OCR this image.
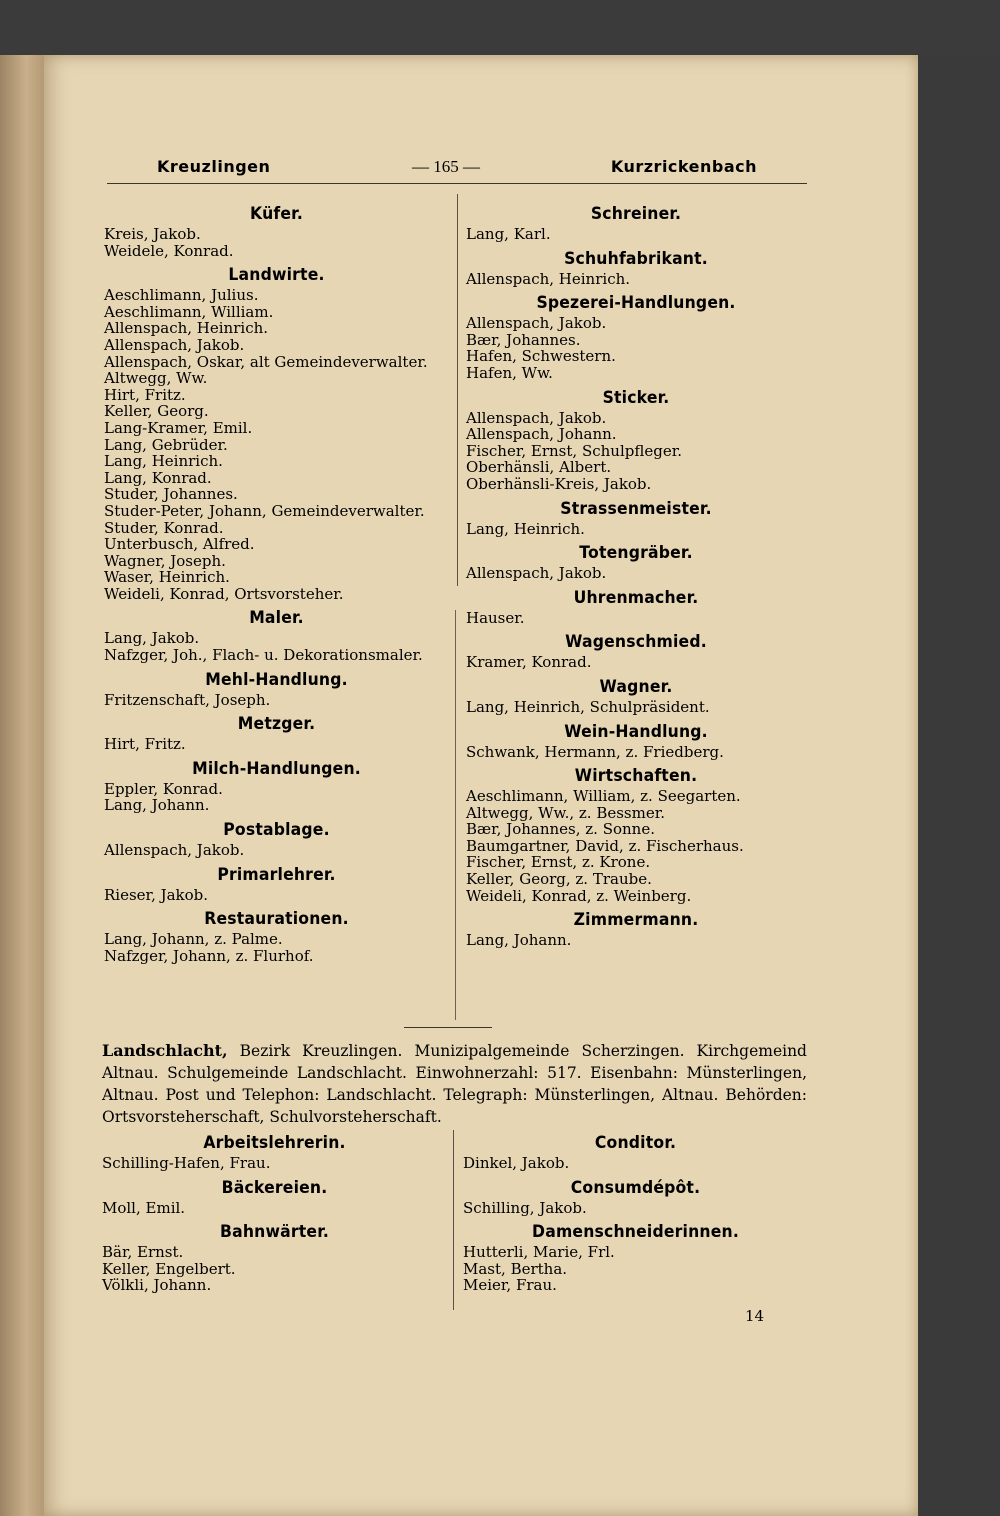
Kreuzlingen	— 165 —	Kurzrickenbach
Küfer.
Kreis, Jakob.
Weidele, Konrad.
Landwirte.
Aeschlimann, Julius.
Aeschlimann, William.
Allenspach, Heinrich.
Allenspach, Jakob.
Allenspach, Oskar, alt Gemeindeverwalter.
Altwegg, Ww.
Hirt, Fritz.
Keller, Georg.
Lang-Kramer, Emil.
Lang, Gebrüder.
Lang, Heinrich.
Lang, Konrad.
Studer, Johannes.
Studer-Peter, Johann, Gemeindeverwalter.
Studer, Konrad.
Unterbusch, Alfred.
Wagner, Joseph.
Waser, Heinrich.
Weideli, Konrad, Ortsvorsteher.
Maler.
Lang, Jakob.
Nafzger, Joh., Flach- u. Dekorationsmaler.
Mehl-Handlung.
Fritzenschaft, Joseph.
Metzger.
Hirt, Fritz.
Milch-Handlungen.
Eppler, Konrad.
Lang, Johann.
Postablage.
Allenspach, Jakob.
Primarlehrer.
Rieser, Jakob.
Restaurationen.
Lang, Johann, z. Palme.
Nafzger, Johann, z. Flurhof.
Schreiner.
Lang, Karl.
Schuhfabrikant.
Allenspach, Heinrich.
Spezerei-Handlungen.
Allenspach, Jakob.
Bær, Johannes.
Hafen, Schwestern.
Hafen, Ww.
Sticker.
Allenspach, Jakob.
Allenspach, Johann.
Fischer, Ernst, Schulpfleger.
Oberhänsli, Albert.
Oberhänsli-Kreis, Jakob.
Strassenmeister.
Lang, Heinrich.
Totengräber.
Allenspach, Jakob.
Uhrenmacher.
Hauser.
Wagenschmied.
Kramer, Konrad.
Wagner.
Lang, Heinrich, Schulpräsident.
Wein-Handlung.
Schwank, Hermann, z. Friedberg.
Wirtschaften.
Aeschlimann, William, z. Seegarten.
Altwegg, Ww., z. Bessmer.
Bær, Johannes, z. Sonne.
Baumgartner, David, z. Fischerhaus.
Fischer, Ernst, z. Krone.
Keller, Georg, z. Traube.
Weideli, Konrad, z. Weinberg.
Zimmermann.
Lang, Johann.
Landschlacht, Bezirk Kreuzlingen. Munizipalgemeinde Scherzingen. Kirchgemeind Altnau. Schulgemeinde Landschlacht. Einwohnerzahl: 517. Eisenbahn: Münsterlingen, Altnau. Post und Telephon: Landschlacht. Telegraph: Münsterlingen, Altnau. Behörden: Ortsvorsteherschaft, Schulvorsteherschaft.
Arbeitslehrerin.
Schilling-Hafen, Frau.
Bäckereien.
Moll, Emil.
Bahnwärter.
Bär, Ernst.
Keller, Engelbert.
Völkli, Johann.
Conditor.
Dinkel, Jakob.
Consumdépôt.
Schilling, Jakob.
Damenschneiderinnen.
Hutterli, Marie, Frl.
Mast, Bertha.
Meier, Frau.
14
